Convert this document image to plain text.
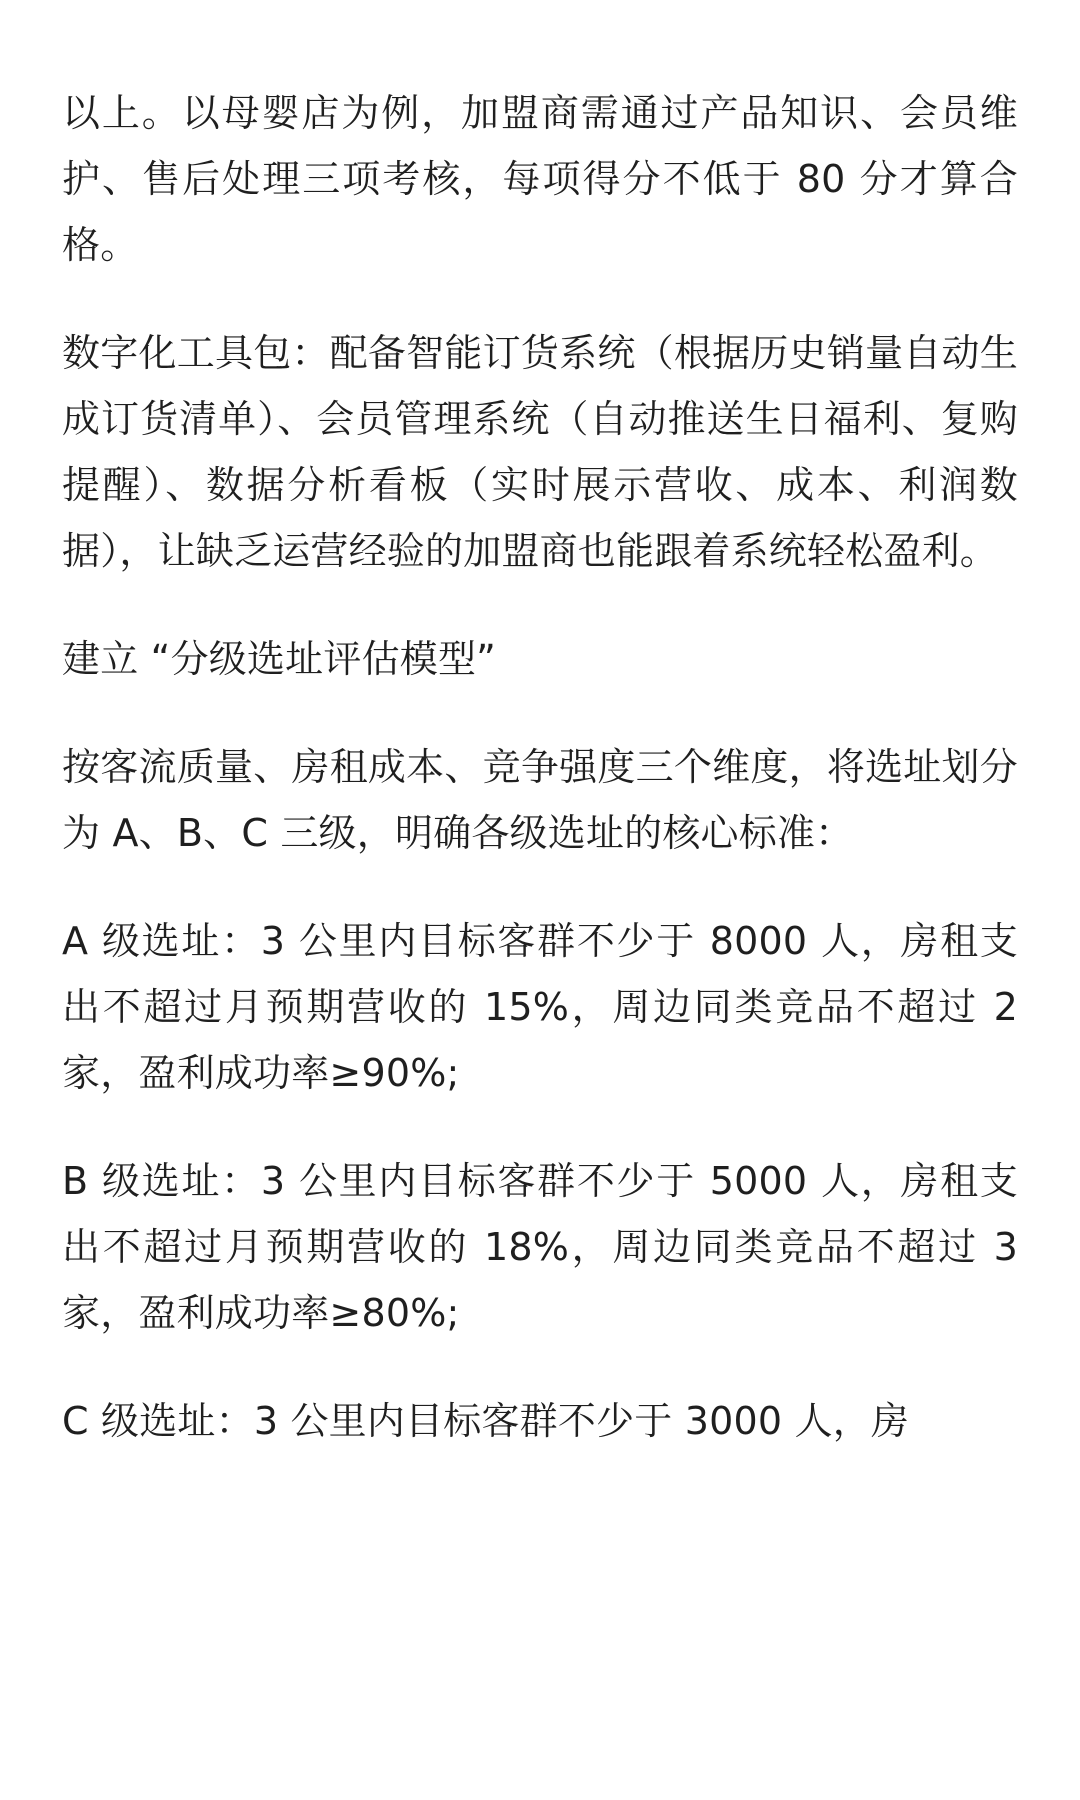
以上。以母婴店为例，加盟商需通过产品知识、会员维护、售后处理三项考核，每项得分不低于 80 分才算合格。

数字化工具包：配备智能订货系统（根据历史销量自动生成订货清单）、会员管理系统（自动推送生日福利、复购提醒）、数据分析看板（实时展示营收、成本、利润数据），让缺乏运营经验的加盟商也能跟着系统轻松盈利。

建立 “分级选址评估模型”

按客流质量、房租成本、竞争强度三个维度，将选址划分为 A、B、C 三级，明确各级选址的核心标准：

A 级选址：3 公里内目标客群不少于 8000 人，房租支出不超过月预期营收的 15%，周边同类竞品不超过 2 家，盈利成功率≥90%;

B 级选址：3 公里内目标客群不少于 5000 人，房租支出不超过月预期营收的 18%，周边同类竞品不超过 3 家，盈利成功率≥80%;

C 级选址：3 公里内目标客群不少于 3000 人，房
